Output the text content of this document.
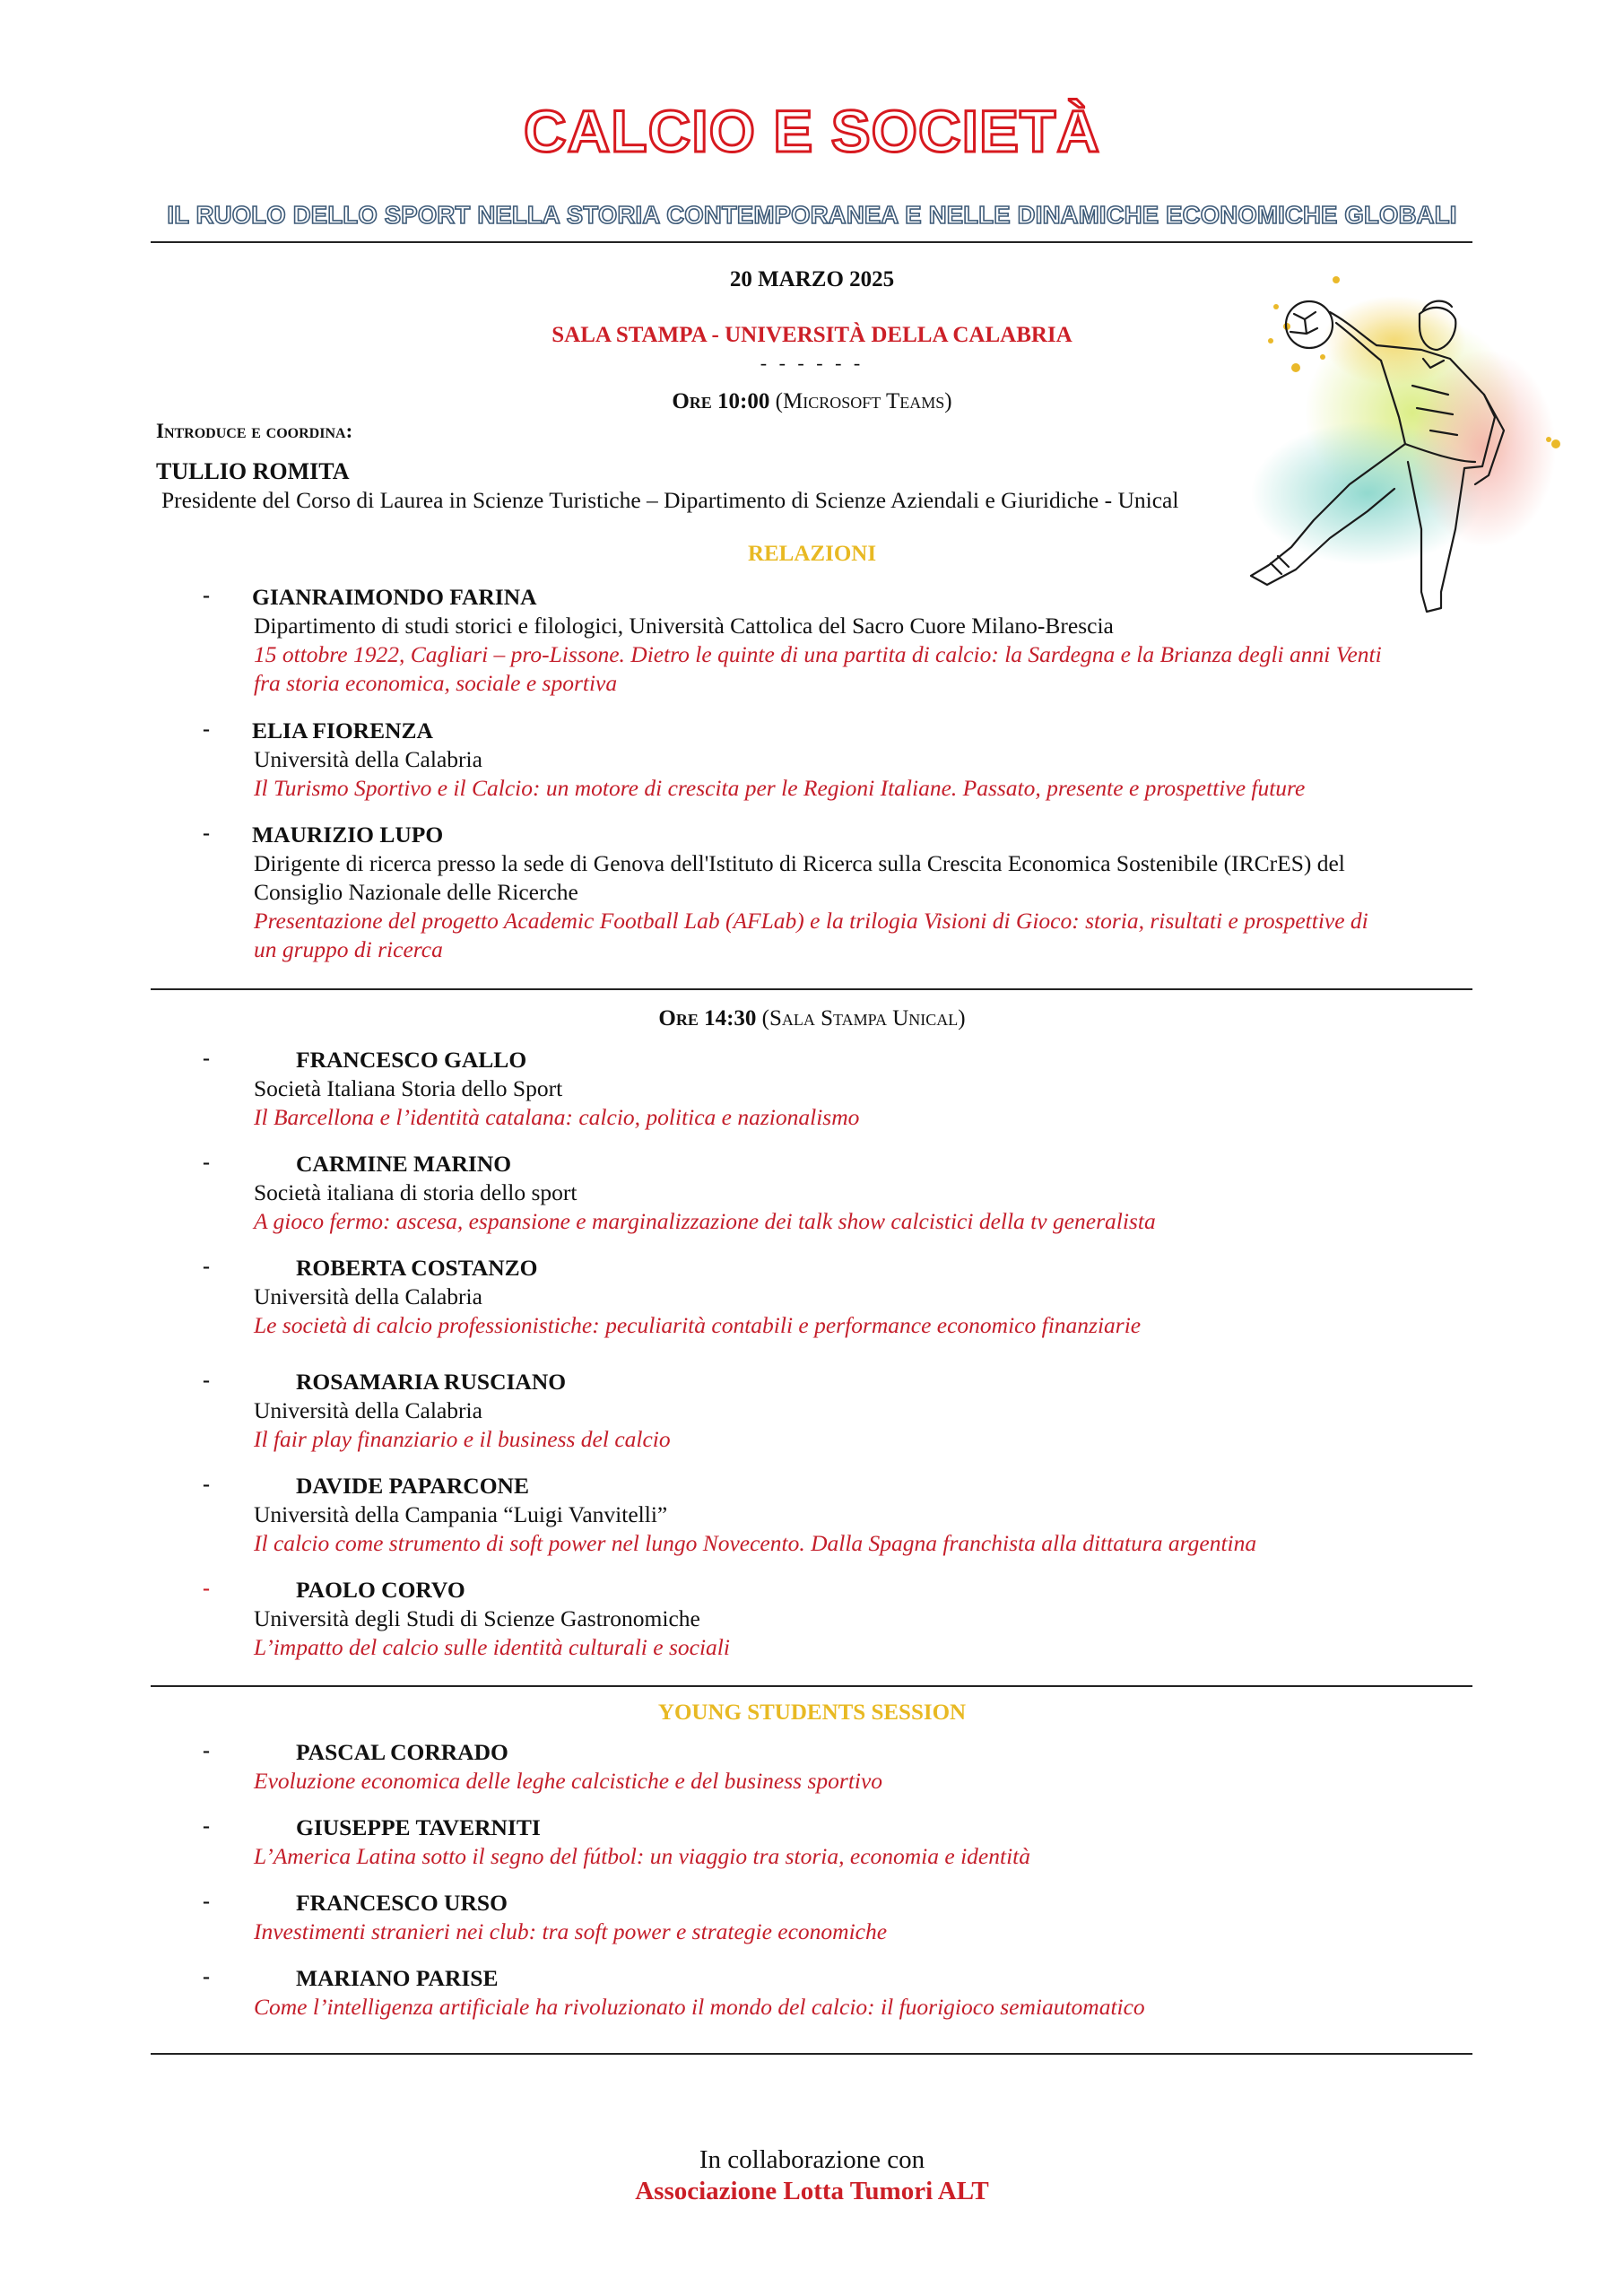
CALCIO E SOCIETÀ
IL RUOLO DELLO SPORT NELLA STORIA CONTEMPORANEA E NELLE DINAMICHE ECONOMICHE GLOBALI
20 MARZO 2025
SALA STAMPA - UNIVERSITÀ DELLA CALABRIA
- - - - - -
Ore 10:00 (Microsoft Teams)
Introduce e coordina:
TULLIO ROMITA
Presidente del Corso di Laurea in Scienze Turistiche – Dipartimento di Scienze Aziendali e Giuridiche - Unical
RELAZIONI
- GIANRAIMONDO FARINA
Dipartimento di studi storici e filologici, Università Cattolica del Sacro Cuore Milano-Brescia
15 ottobre 1922, Cagliari – pro-Lissone. Dietro le quinte di una partita di calcio: la Sardegna e la Brianza degli anni Venti
fra storia economica, sociale e sportiva
- ELIA FIORENZA
Università della Calabria
Il Turismo Sportivo e il Calcio: un motore di crescita per le Regioni Italiane. Passato, presente e prospettive future
- MAURIZIO LUPO
Dirigente di ricerca presso la sede di Genova dell'Istituto di Ricerca sulla Crescita Economica Sostenibile (IRCrES) del
Consiglio Nazionale delle Ricerche
Presentazione del progetto Academic Football Lab (AFLab) e la trilogia Visioni di Gioco: storia, risultati e prospettive di
un gruppo di ricerca
Ore 14:30 (Sala Stampa Unical)
-	FRANCESCO GALLO
Società Italiana Storia dello Sport
Il Barcellona e l’identità catalana: calcio, politica e nazionalismo
-	CARMINE MARINO
Società italiana di storia dello sport
A gioco fermo: ascesa, espansione e marginalizzazione dei talk show calcistici della tv generalista
-	ROBERTA COSTANZO
Università della Calabria
Le società di calcio professionistiche: peculiarità contabili e performance economico finanziarie
-	ROSAMARIA RUSCIANO
Università della Calabria
Il fair play finanziario e il business del calcio
-	DAVIDE PAPARCONE
Università della Campania “Luigi Vanvitelli”
Il calcio come strumento di soft power nel lungo Novecento. Dalla Spagna franchista alla dittatura argentina
-	PAOLO CORVO
Università degli Studi di Scienze Gastronomiche
L’impatto del calcio sulle identità culturali e sociali
YOUNG STUDENTS SESSION
-	PASCAL CORRADO
Evoluzione economica delle leghe calcistiche e del business sportivo
-	GIUSEPPE TAVERNITI
L’America Latina sotto il segno del fútbol: un viaggio tra storia, economia e identità
-	FRANCESCO URSO
Investimenti stranieri nei club: tra soft power e strategie economiche
-	MARIANO PARISE
Come l’intelligenza artificiale ha rivoluzionato il mondo del calcio: il fuorigioco semiautomatico
In collaborazione con
Associazione Lotta Tumori ALT
